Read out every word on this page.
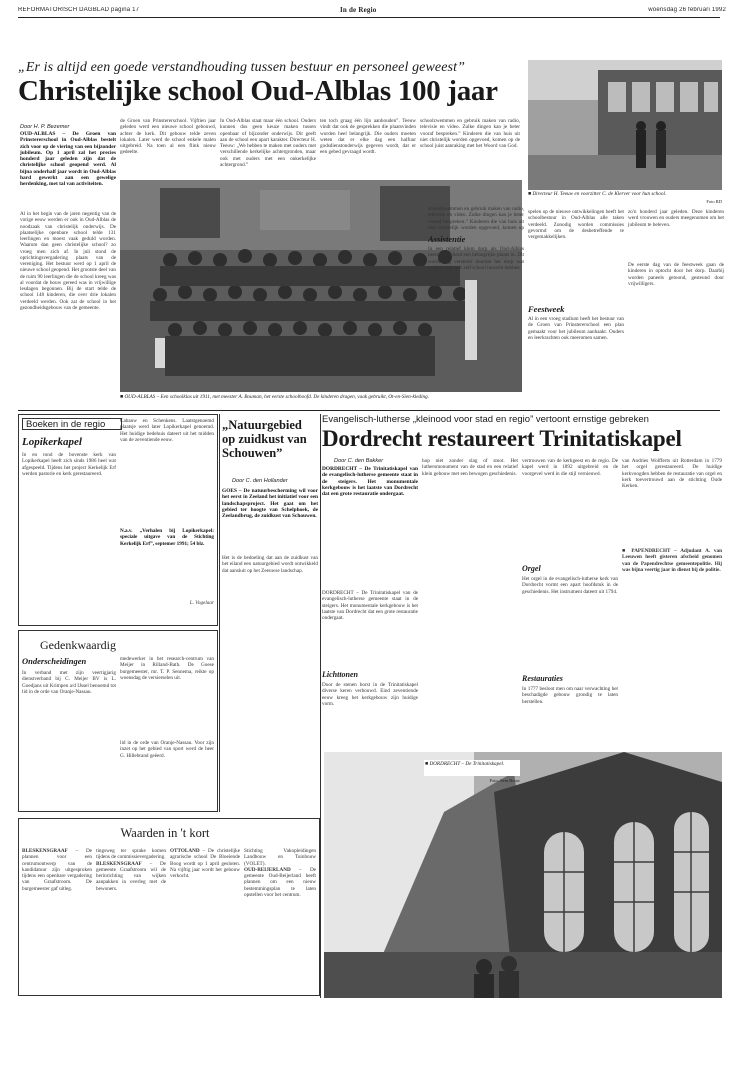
REFORMATORISCH DAGBLAD pagina 17	In de Regio	woensdag 26 februari 1992
„Er is altijd een goede verstandhouding tussen bestuur en personeel geweest”
Christelijke school Oud-Alblas 100 jaar
Door H. P. Bezemer
OUD-ALBLAS – De Groen van Prinstererschool in Oud-Alblas bestelt zich voor op de viering van een bijzonder jubileum. Op 1 april zal het precies honderd jaar geleden zijn dat de christelijke school geopend werd. Al bijna onderhalf jaar wordt in Oud-Alblas hard gewerkt aan een gewelige herdenking, met tal van activiteiten.
Al in het begin van de jaren negentig van de vorige eeuw werden er ook in Oud-Alblas de noodzaak van christelijk onderwijs. De plaatselijke openbare school telde 131 leerlingen en moest vaak geduld worden. Waarom dan geen christelijke school? zo vroeg men zich af. In juli stond de oprichtingsvergadering plaats van de vereniging. Het bestuur werd op 1 april de nieuwe school geopend. Het grootste deel van de ruim 90 leerlingen die de school kreeg was al voordat de bouw gereed was in vrijwillige lesdagen begonnen. Bij de start telde de school 148 kinderen, die over drie lokalen verdeeld werden. Ook zat de school in het gezondheidsgebouw van de gemeente.
de Groen van Prinstererschool. Vijftien jaar geleden werd een nieuwe school gebouwd, achter de kerk. Dit gebouw telde zeven lokalen. Later werd de school enkele malen uitgebreid. Na toen al een flink nieuw gedeelte.
In Oud-Alblas staat maar één school. Ouders kunnen dus geen keuze maken tussen openbaar of bijzonder onderwijs. Dit geeft aan de school een apart karakter. Directeur H. Teeuw: „We hebben te maken met ouders met verschillende kerkelijke achtergronden, maar ook met ouders met een onkerkelijke achtergrond.”
ten toch graag één lijn aanhouden”. Teeuw vindt dat ook de gesprekken die plaatsvinden worden heel belangrijk. Die ouders moeten weten dat er elke dag een halfuur godsdienstonderwijs gegeven wordt, dat er een gebed gevraagd wordt.
schoolzwemmen en gebruik maken van radio, televisie en video. Zulke dingen kan je beter vooraf bespreken.” Kinderen die van huis uit niet christelijk worden opgevoed, komen op de school juist aanraking met het Woord van God.
■ OUD-ALBLAS – Een schoolklas uit 1911, met meester A. Bouman, het eerste schoolhoofd. De kinderen dragen, vaak gebruikt, Ot-en-Sien-kleding.
■ Directeur H. Teeuw en voorzitter C. de Klerver voor hun school.
Foto RD
schoolzwemmen en gebruik maken van radio, televisie en video. Zulke dingen kan je beter vooraf bespreken.” Kinderen die van huis uit niet christelijk worden opgevoed, komen op
Assistentie
In een relatief klein dorp als Oud-Alblas neemt de school een belangrijke plaats in. Dit wordt nog versterkt doordat het dorp wat ouders vaak ook zelf school bezocht hebben.
spelen op de nieuwe ontwikkelingen heeft het schoolbestuur in Oud-Alblas alle taken verdeeld. Zonodig worden commissies gevormd om de desbetreffende te vergemakkelijken.
Feestweek
Al in een vroeg stadium heeft het bestuur van de Groen van Prinstererschool een plan gemaakt voor het jubileum aanhaakt. Ouders en leerkrachten ook meeromen samen.
zo'n honderd jaar geleden. Deze kinderen werd vrouwen en ouders meegenomen om het jubileum te beleven.
De eerste dag van de feestweek gaan de kinderen in optocht door het dorp. Daarbij worden paneels getoond, gesteund door vrijwilligers.
Boeken in de regio
Lopikerkapel
In en rond de bovenste kerk van Lopikerkapel heeft zich sinds 1986 heel wat afgespeeld. Tijdens het project Kerkelijk Erf werden pastorie en kerk gerestaureerd.
Cabauw en Schenkens. Laatstgenoemd plaatsje werd later Lopikerkapel genoemd. Het huidige bedehuis dateert uit het midden van de zeventiende eeuw.
N.a.v. „Verhalen bij Lopikerkapel: speciale uitgave van de Stichting Kerkelijk Erf”, septemer 1991; 54 blz.
L. Vogelaar
„Natuurgebied op zuidkust van Schouwen”
Door C. den Hollander
GOES – De natuurbescherming wil voor het eerst in Zeeland het initiatief voor een landschapsproject. Het gaat om het gebied ter hoogte van Schelphoek, de Zeelandbrug, de zuidkust van Schouwen.
Het is de bedoeling dat aan de zuidkust van het eiland een natuurgebied wordt ontwikkeld dat aansluit op het Zeeuwse landschap.
Gedenkwaardig
Onderscheidingen
In verband met zijn veertigjarig dienstverband bij C. Meijer BV is L. Goedjans uit Krimpen a/d IJssel benoemd tot lid in de orde van Oranje-Nassau.
medewerker in het research-centrum van Meijer in Rilland-Bath. De Goese burgemeester, mr. T. P. Sennema, reikte op woensdag de versierselen uit.
lid in de orde van Oranje-Nassau. Voor zijn inzet op het gebied van sport werd de heer G. Hillebrand geëerd.
Waarden in 't kort
BLESKENSGRAAF – De plannen voor een centrumontwerp van de kandidatuur zijn uitgesproken tijdens een openbare vergadering van Graafstroom. De burgemeester gaf uitleg.
tingsweg ter sprake komen tijdens de commissievergadering.
BLESKENSGRAAF – De gemeente Graafstroom wil de herinrichting van wijken aanpakken in overleg met de bewoners.
OTTOLAND – De christelijke agrarische school De Bloeiende Boog wordt op 1 april gesloten. Na vijftig jaar wordt het gebouw verkocht.
Stichting Vakopleidingen Landbouw en Tuinbouw (VOLET).
OUD-BEIJERLAND – De gemeente Oud-Beijerland heeft plannen om een nieuw bestemmingsplan te laten opstellen voor het centrum.
Evangelisch-lutherse „kleinood voor stad en regio” vertoont ernstige gebreken
Dordrecht restaureert Trinitatiskapel
Door C. den Bakker
DORDRECHT – De Trinitatiskapel van de evangelisch-lutherse gemeente staat in de steigers. Het monumentale kerkgebouw is het laatste van Dordrecht dat een grote restauratie ondergaat.
DORDRECHT – De Trinitatiskapel van de evangelisch-lutherse gemeente staat in de steigers. Het monumentale kerkgebouw is het laatste van Dordrecht dat een grote restauratie ondergaat.
Lichttonen
Door de stenen borst in de Trinitatiskapel diverse keren verbouwd. Eind zeventiende eeuw kreeg het kerkgebouw zijn huidige vorm.
hop niet zonder slag of stoot. Het luthersmonument van de stad en een relatief klein gebouw met een bewogen geschiedenis.
vertrouwen van de kerkgeest en de regio. De kapel werd in 1892 uitgebreid en de voorgevel werd in die stijl vernieuwd.
Orgel
Het orgel in de evangelisch-lutherse kerk van Dordrecht vormt een apart hoofdstuk in de geschiedenis. Het instrument dateert uit 1794.
Restauraties
In 1777 besloot men om naar verwachting het beschadigde gebouw grondig te laten herstellen.
van Andries Wolfferts uit Rotterdam in 1779 het orgel gerestaureerd. De huidige kerkvoogden hebben de restauratie van orgel en kerk toevertrouwd aan de stichting Oude Kerken.
■ PAPENDRECHT – Adjudant A. van Leeuwen heeft gisteren afscheid genomen van de Papendrechtse gemeentepolitie. Hij was bijna veertig jaar in dienst bij de politie.
■ DORDRECHT – De Trinitatiskapel.
Foto: Sem Bouw
